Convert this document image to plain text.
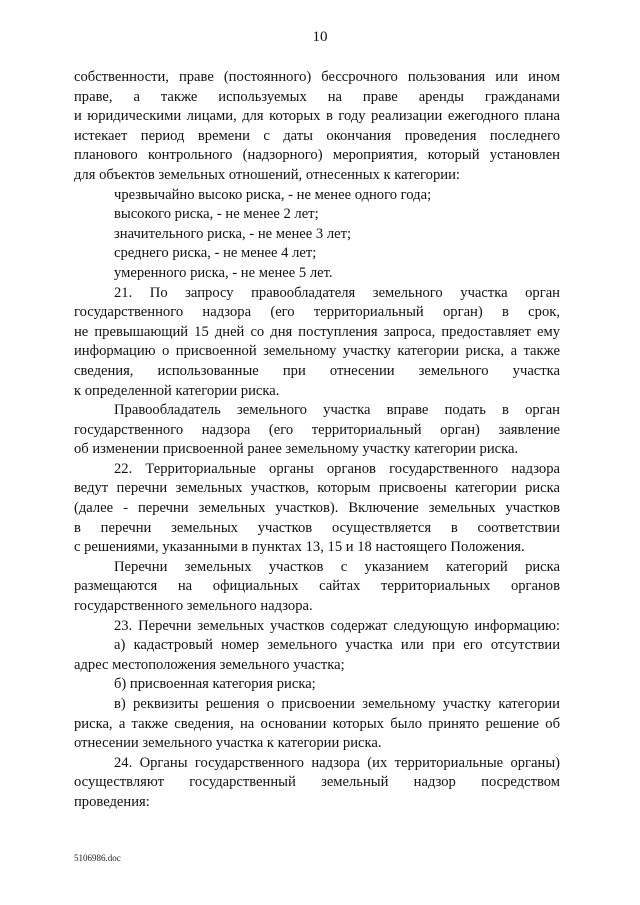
10

собственности, праве (постоянного) бессрочного пользования или ином

праве, а также используемых на праве аренды гражданами

и юридическими лицами, для которых в году реализации ежегодного плана

истекает период времени с даты окончания проведения последнего

планового контрольного (надзорного) мероприятия, который установлен

для объектов земельных отношений, отнесенных к категории:

чрезвычайно высоко риска, - не менее одного года;

высокого риска, - не менее 2 лет;

значительного риска, - не менее 3 лет;

среднего риска, - не менее 4 лет;

умеренного риска, - не менее 5 лет.

21. По запросу правообладателя земельного участка орган

государственного надзора (его территориальный орган) в срок,

не превышающий 15 дней со дня поступления запроса, предоставляет ему

информацию о присвоенной земельному участку категории риска, а также

сведения, использованные при отнесении земельного участка

к определенной категории риска.

Правообладатель земельного участка вправе подать в орган

государственного надзора (его территориальный орган) заявление

об изменении присвоенной ранее земельному участку категории риска.

22. Территориальные органы органов государственного надзора

ведут перечни земельных участков, которым присвоены категории риска

(далее - перечни земельных участков). Включение земельных участков

в перечни земельных участков осуществляется в соответствии

с решениями, указанными в пунктах 13, 15 и 18 настоящего Положения.

Перечни земельных участков с указанием категорий риска

размещаются на официальных сайтах территориальных органов

государственного земельного надзора.

23. Перечни земельных участков содержат следующую информацию:

а) кадастровый номер земельного участка или при его отсутствии

адрес местоположения земельного участка;

б) присвоенная категория риска;

в) реквизиты решения о присвоении земельному участку категории

риска, а также сведения, на основании которых было принято решение об

отнесении земельного участка к категории риска.

24. Органы государственного надзора (их территориальные органы)

осуществляют государственный земельный надзор посредством

проведения:

5106986.doc
